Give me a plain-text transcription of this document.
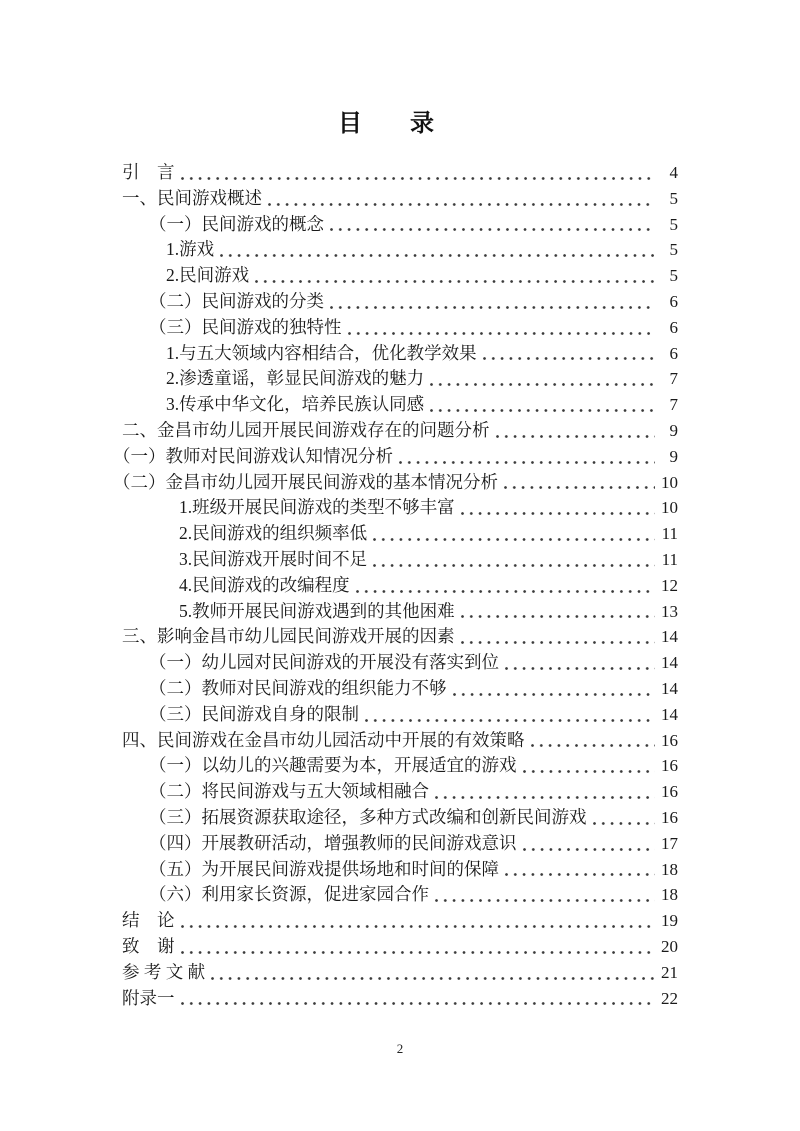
目　　录
引　言	4
一、民间游戏概述	5
（一）民间游戏的概念	5
1.游戏	5
2.民间游戏	5
（二）民间游戏的分类	6
（三）民间游戏的独特性	6
1.与五大领域内容相结合，优化教学效果	6
2.渗透童谣，彰显民间游戏的魅力	7
3.传承中华文化，培养民族认同感	7
二、金昌市幼儿园开展民间游戏存在的问题分析	9
（一）教师对民间游戏认知情况分析	9
（二）金昌市幼儿园开展民间游戏的基本情况分析	10
1.班级开展民间游戏的类型不够丰富	10
2.民间游戏的组织频率低	11
3.民间游戏开展时间不足	11
4.民间游戏的改编程度	12
5.教师开展民间游戏遇到的其他困难	13
三、影响金昌市幼儿园民间游戏开展的因素	14
（一）幼儿园对民间游戏的开展没有落实到位	14
（二）教师对民间游戏的组织能力不够	14
（三）民间游戏自身的限制	14
四、民间游戏在金昌市幼儿园活动中开展的有效策略	16
（一）以幼儿的兴趣需要为本，开展适宜的游戏	16
（二）将民间游戏与五大领域相融合	16
（三）拓展资源获取途径，多种方式改编和创新民间游戏	16
（四）开展教研活动，增强教师的民间游戏意识	17
（五）为开展民间游戏提供场地和时间的保障	18
（六）利用家长资源，促进家园合作	18
结　论	19
致　谢	20
参 考 文 献	21
附录一	22
2
